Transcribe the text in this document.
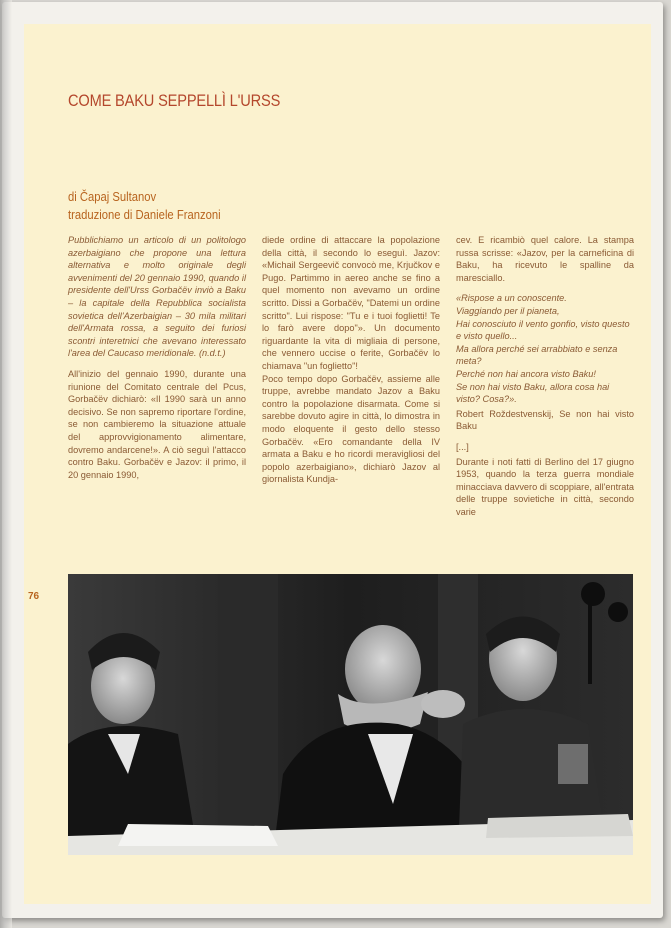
COME BAKU SEPPELLÌ L'URSS
di Čapaj Sultanov
traduzione di Daniele Franzoni

Pubblichiamo un articolo di un politologo azerbaigiano che propone una lettura alternativa e molto originale degli avvenimenti del 20 gennaio 1990, quando il presidente dell'Urss Gorbačëv inviò a Baku – la capitale della Repubblica socialista sovietica dell'Azerbaigian – 30 mila militari dell'Armata rossa, a seguito dei furiosi scontri interetnici che avevano interessato l'area del Caucaso meridionale. (n.d.t.)

All'inizio del gennaio 1990, durante una riunione del Comitato centrale del Pcus, Gorbačëv dichiarò: «Il 1990 sarà un anno decisivo. Se non sapremo riportare l'ordine, se non cambieremo la situazione attuale del approvvigionamento alimentare, dovremo andarcene!». A ciò seguì l'attacco contro Baku. Gorbačëv e Jazov: il primo, il 20 gennaio 1990,

diede ordine di attaccare la popolazione della città, il secondo lo eseguì. Jazov: «Michail Sergeevič convocò me, Krjučkov e Pugo. Partimmo in aereo anche se fino a quel momento non avevamo un ordine scritto. Dissi a Gorbačëv, "Datemi un ordine scritto". Lui rispose: "Tu e i tuoi foglietti! Te lo farò avere dopo"». Un documento riguardante la vita di migliaia di persone, che vennero uccise o ferite, Gorbačëv lo chiamava "un foglietto"!

Poco tempo dopo Gorbačëv, assieme alle truppe, avrebbe mandato Jazov a Baku contro la popolazione disarmata. Come si sarebbe dovuto agire in città, lo dimostra in modo eloquente il gesto dello stesso Gorbačëv. «Ero comandante della IV armata a Baku e ho ricordi meravigliosi del popolo azerbaigiano», dichiarò Jazov al giornalista Kundja-

cev. E ricambiò quel calore. La stampa russa scrisse: «Jazov, per la carneficina di Baku, ha ricevuto le spalline da maresciallo.

«Rispose a un conoscente.
Viaggiando per il pianeta,
Hai conosciuto il vento gonfio, visto questo e visto quello...
Ma allora perché sei arrabbiato e senza meta?
Perché non hai ancora visto Baku!
Se non hai visto Baku, allora cosa hai visto? Cosa?».

Robert Roždestvenskij, Se non hai visto Baku

[...]

Durante i noti fatti di Berlino del 17 giugno 1953, quando la terza guerra mondiale minacciava davvero di scoppiare, all'entrata delle truppe sovietiche in città, secondo varie

76
